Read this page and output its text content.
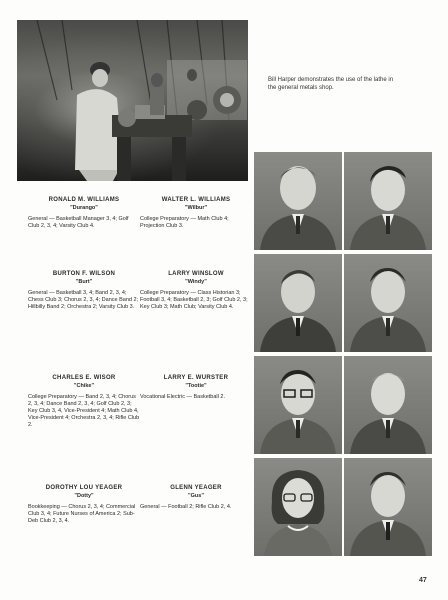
Bill Harper demonstrates the use of the lathe in the general metals shop.
RONALD M. WILLIAMS
"Durango"
General — Basketball Manager 3, 4; Golf Club 2, 3, 4; Varsity Club 4.
WALTER L. WILLIAMS
"Wilbur"
College Preparatory — Math Club 4; Projection Club 3.
BURTON F. WILSON
"Burt"
General — Basketball 3, 4; Band 2, 3, 4; Chess Club 3; Chorus 2, 3, 4; Dance Band 2; Hillbilly Band 2; Orchestra 2; Varsity Club 3.
LARRY WINSLOW
"Windy"
College Preparatory — Class Historian 3; Football 3, 4; Basketball 2, 3; Golf Club 2, 3; Key Club 3; Math Club; Varsity Club 4.
CHARLES E. WISOR
"Chike"
College Preparatory — Band 2, 3, 4; Chorus 2, 3, 4; Dance Band 2, 3, 4; Golf Club 2, 3; Key Club 3, 4, Vice-President 4; Math Club 4, Vice-President 4; Orchestra 2, 3, 4; Rifle Club 2.
LARRY E. WURSTER
"Tootie"
Vocational Electric — Basketball 2.
DOROTHY LOU YEAGER
"Dotty"
Bookkeeping — Chorus 2, 3, 4; Commercial Club 3, 4; Future Nurses of America 2; Sub-Deb Club 2, 3, 4.
GLENN YEAGER
"Gus"
General — Football 2; Rifle Club 2, 4.
47
